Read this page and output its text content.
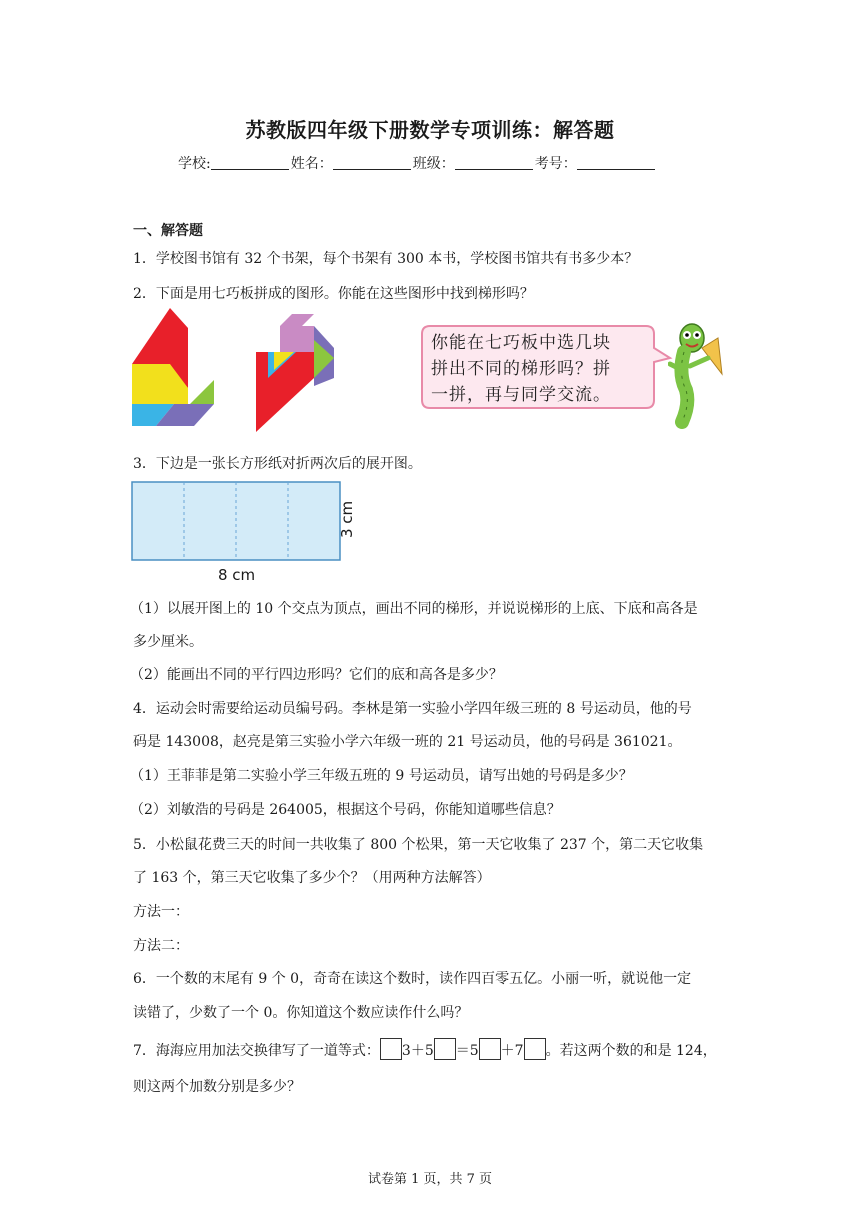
苏教版四年级下册数学专项训练：解答题
学校:	姓名：	班级：	考号：
一、解答题
1．学校图书馆有 32 个书架，每个书架有 300 本书，学校图书馆共有书多少本？
2．下面是用七巧板拼成的图形。你能在这些图形中找到梯形吗？
你能在七巧板中选几块
拼出不同的梯形吗？拼
一拼，再与同学交流。
3．下边是一张长方形纸对折两次后的展开图。
8 cm
3 cm
（1）以展开图上的 10 个交点为顶点，画出不同的梯形，并说说梯形的上底、下底和高各是
多少厘米。
（2）能画出不同的平行四边形吗？它们的底和高各是多少？
4．运动会时需要给运动员编号码。李林是第一实验小学四年级三班的 8 号运动员，他的号
码是 143008，赵亮是第三实验小学六年级一班的 21 号运动员，他的号码是 361021。
（1）王菲菲是第二实验小学三年级五班的 9 号运动员，请写出她的号码是多少？
（2）刘敏浩的号码是 264005，根据这个号码，你能知道哪些信息？
5．小松鼠花费三天的时间一共收集了 800 个松果，第一天它收集了 237 个，第二天它收集
了 163 个，第三天它收集了多少个？（用两种方法解答）
方法一：
方法二：
6．一个数的末尾有 9 个 0，奇奇在读这个数时，读作四百零五亿。小丽一听，就说他一定
读错了，少数了一个 0。你知道这个数应读作什么吗？
7．海海应用加法交换律写了一道等式： 3＋5 ＝5 ＋7 。若这两个数的和是 124，
则这两个加数分别是多少？
试卷第 1 页，共 7 页
